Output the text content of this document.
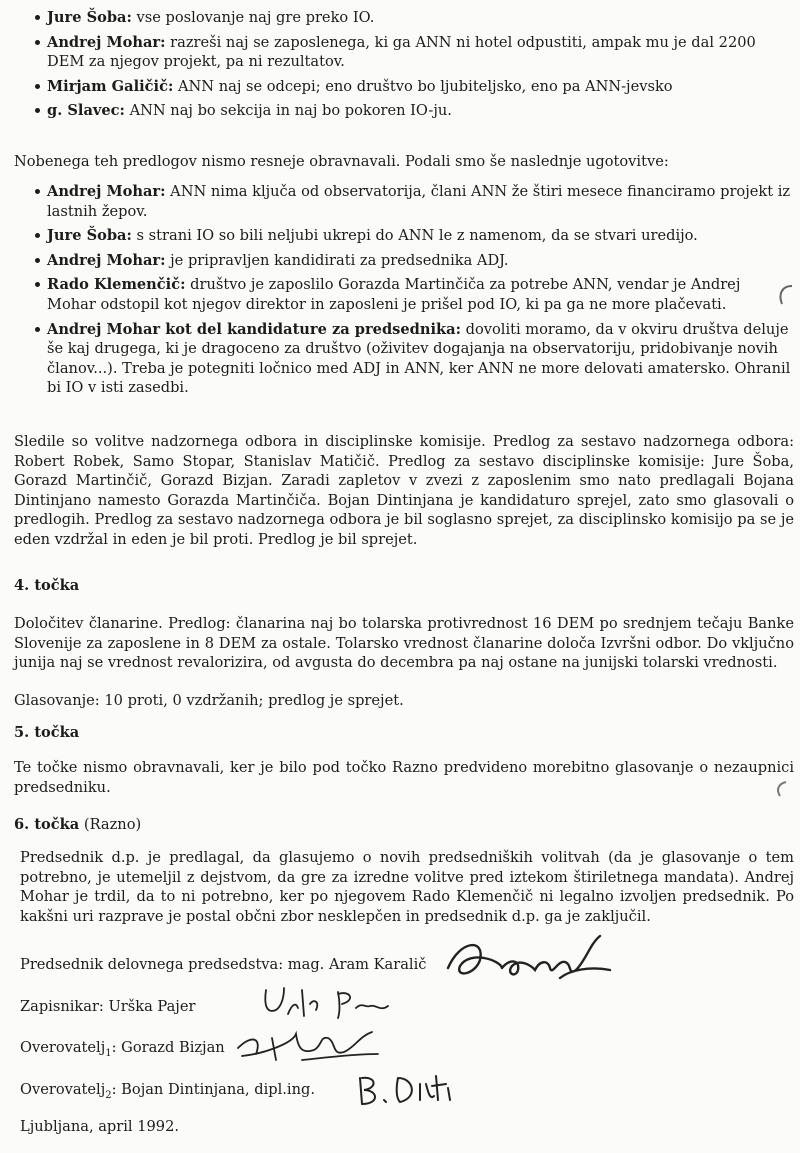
Jure Šoba: vse poslovanje naj gre preko IO.
Andrej Mohar: razreši naj se zaposlenega, ki ga ANN ni hotel odpustiti, ampak mu je dal 2200 DEM za njegov projekt, pa ni rezultatov.
Mirjam Galičič: ANN naj se odcepi; eno društvo bo ljubiteljsko, eno pa ANN-jevsko
g. Slavec: ANN naj bo sekcija in naj bo pokoren IO-ju.

Nobenega teh predlogov nismo resneje obravnavali. Podali smo še naslednje ugotovitve:

Andrej Mohar: ANN nima ključa od observatorija, člani ANN že štiri mesece financiramo projekt iz lastnih žepov.
Jure Šoba: s strani IO so bili neljubi ukrepi do ANN le z namenom, da se stvari uredijo.
Andrej Mohar: je pripravljen kandidirati za predsednika ADJ.
Rado Klemenčič: društvo je zaposlilo Gorazda Martinčiča za potrebe ANN, vendar je Andrej Mohar odstopil kot njegov direktor in zaposleni je prišel pod IO, ki pa ga ne more plačevati.
Andrej Mohar kot del kandidature za predsednika: dovoliti moramo, da v okviru društva deluje še kaj drugega, ki je dragoceno za društvo (oživitev dogajanja na observatoriju, pridobivanje novih članov...). Treba je potegniti ločnico med ADJ in ANN, ker ANN ne more delovati amatersko. Ohranil bi IO v isti zasedbi.

Sledile so volitve nadzornega odbora in disciplinske komisije. Predlog za sestavo nadzornega odbora: Robert Robek, Samo Stopar, Stanislav Matičič. Predlog za sestavo disciplinske komisije: Jure Šoba, Gorazd Martinčič, Gorazd Bizjan. Zaradi zapletov v zvezi z zaposlenim smo nato predlagali Bojana Dintinjano namesto Gorazda Martinčiča. Bojan Dintinjana je kandidaturo sprejel, zato smo glasovali o predlogih. Predlog za sestavo nadzornega odbora je bil soglasno sprejet, za disciplinsko komisijo pa se je eden vzdržal in eden je bil proti. Predlog je bil sprejet.

4. točka

Določitev članarine. Predlog: članarina naj bo tolarska protivrednost 16 DEM po srednjem tečaju Banke Slovenije za zaposlene in 8 DEM za ostale. Tolarsko vrednost članarine določa Izvršni odbor. Do vključno junija naj se vrednost revalorizira, od avgusta do decembra pa naj ostane na junijski tolarski vrednosti.

Glasovanje: 10 proti, 0 vzdržanih; predlog je sprejet.

5. točka

Te točke nismo obravnavali, ker je bilo pod točko Razno predvideno morebitno glasovanje o nezaupnici predsedniku.

6. točka (Razno)

Predsednik d.p. je predlagal, da glasujemo o novih predsedniških volitvah (da je glasovanje o tem potrebno, je utemeljil z dejstvom, da gre za izredne volitve pred iztekom štiriletnega mandata). Andrej Mohar je trdil, da to ni potrebno, ker po njegovem Rado Klemenčič ni legalno izvoljen predsednik. Po kakšni uri razprave je postal občni zbor nesklepčen in predsednik d.p. ga je zaključil.

Predsednik delovnega predsedstva: mag. Aram Karalič
Zapisnikar: Urška Pajer
Overovatelj$_1$: Gorazd Bizjan
Overovatelj$_2$: Bojan Dintinjana, dipl.ing.
Ljubljana, april 1992.
